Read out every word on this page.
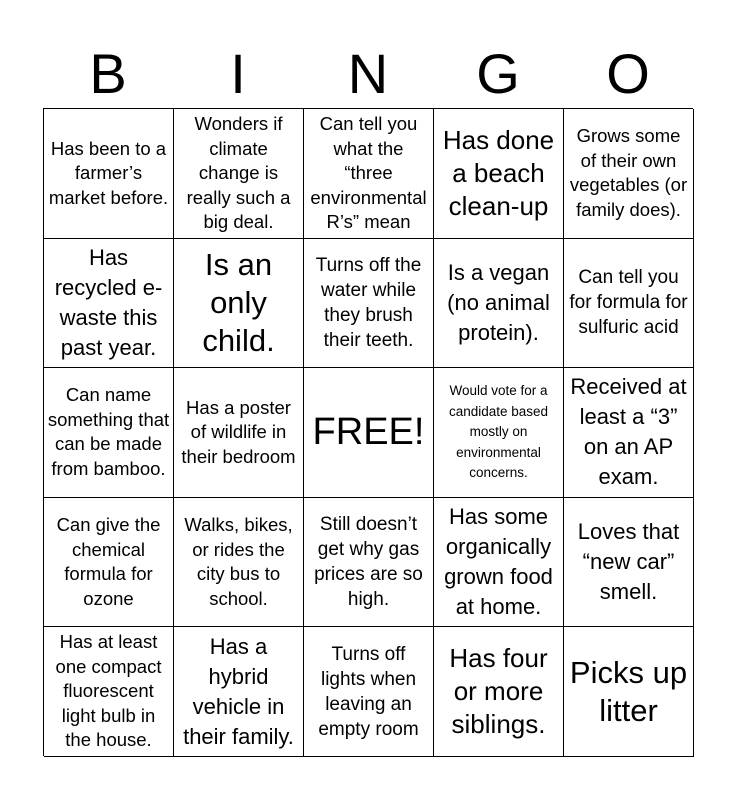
B	I	N	G	O
Has been to a farmer’s market before.
Wonders if climate change is really such a big deal.
Can tell you what the “three environmental R’s” mean
Has done a beach clean-up
Grows some of their own vegetables (or family does).
Has recycled e-waste this past year.
Is an only child.
Turns off the water while they brush their teeth.
Is a vegan (no animal protein).
Can tell you for formula for sulfuric acid
Can name something that can be made from bamboo.
Has a poster of wildlife in their bedroom
FREE!
Would vote for a candidate based mostly on environmental concerns.
Received at least a “3” on an AP exam.
Can give the chemical formula for ozone
Walks, bikes, or rides the city bus to school.
Still doesn’t get why gas prices are so high.
Has some organically grown food at home.
Loves that “new car” smell.
Has at least one compact fluorescent light bulb in the house.
Has a hybrid vehicle in their family.
Turns off lights when leaving an empty room
Has four or more siblings.
Picks up litter
